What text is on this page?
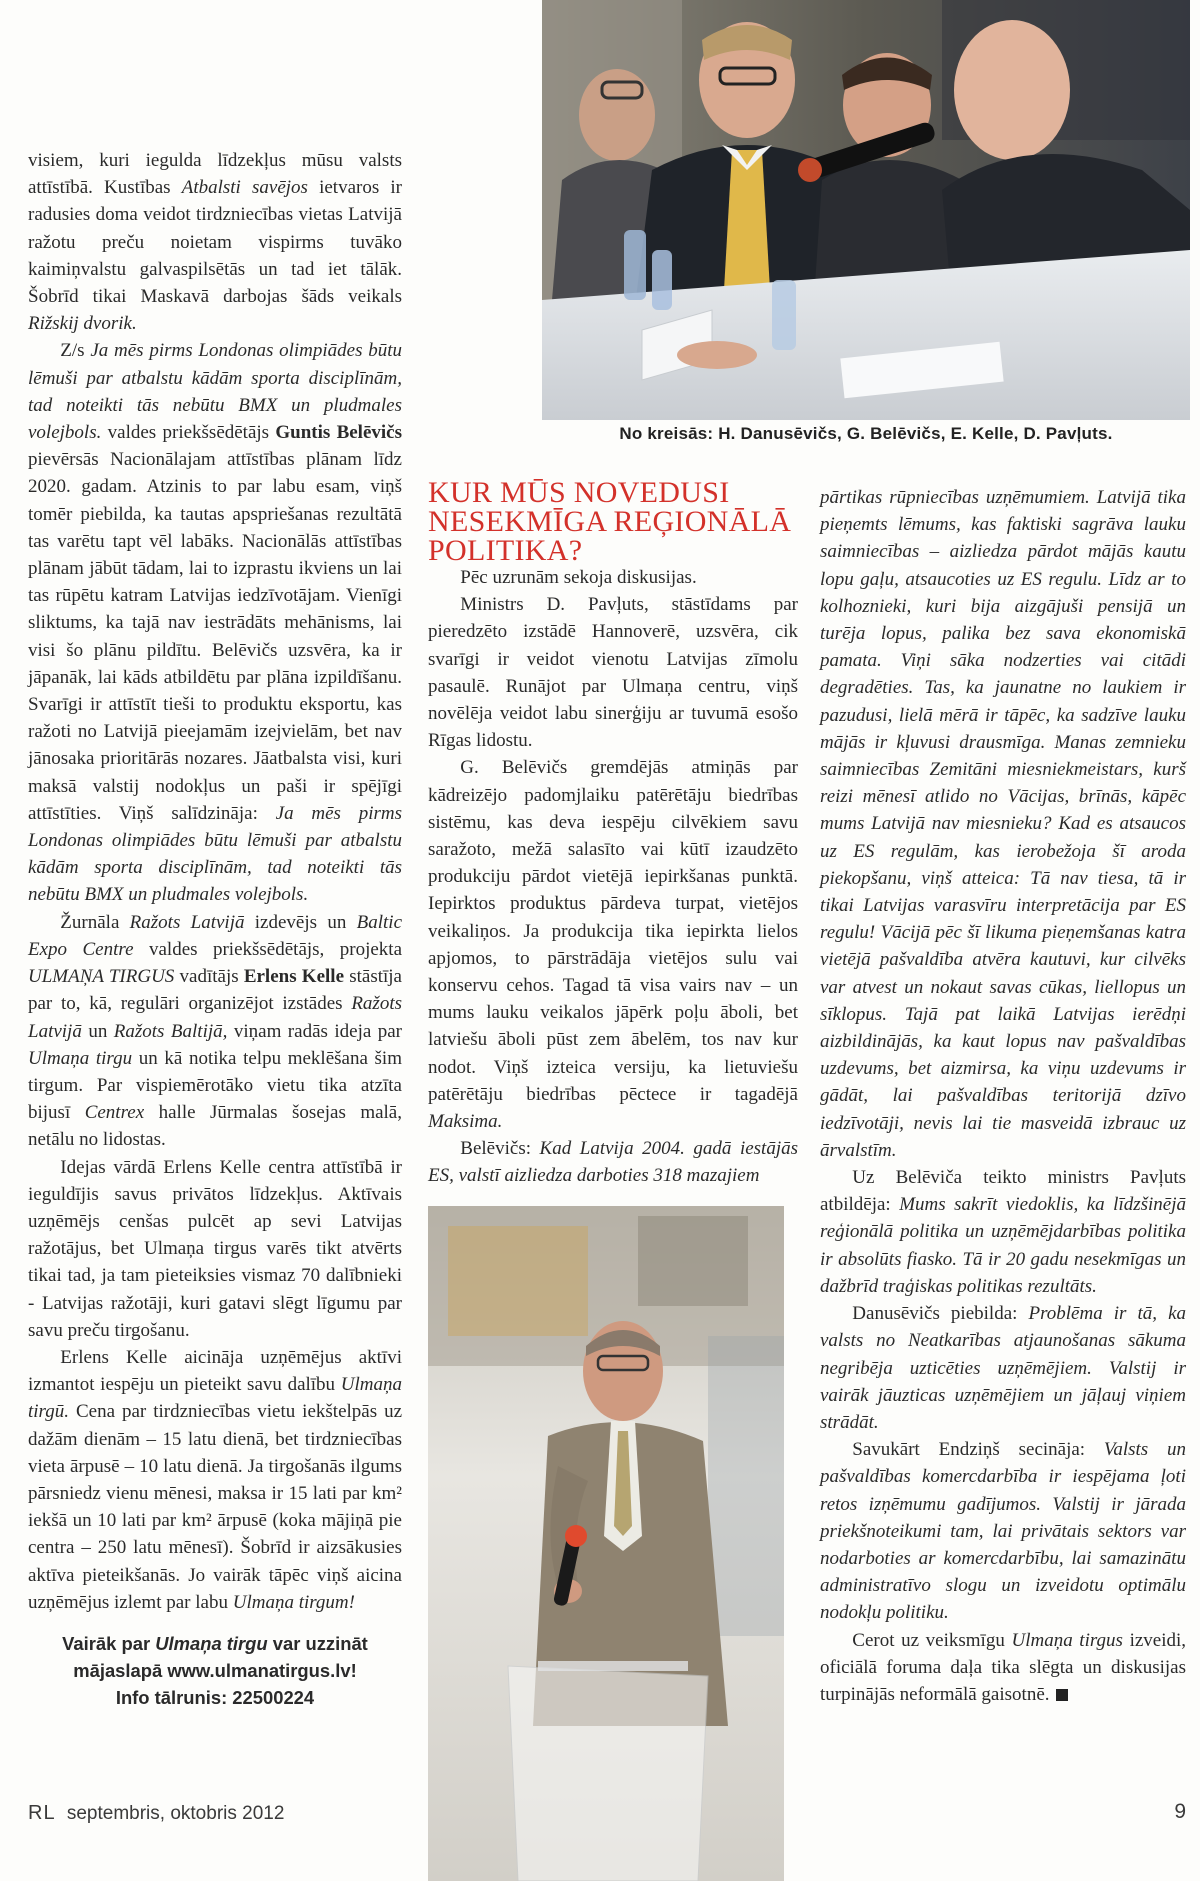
No kreisās: H. Danusēvičs, G. Belēvičs, E. Kelle, D. Pavļuts.

visiem, kuri iegulda līdzekļus mūsu valsts attīstībā. Kustības Atbalsti savējos ietvaros ir radusies doma veidot tirdzniecības vietas Latvijā ražotu preču noietam vispirms tuvāko kaimiņvalstu galvaspilsētās un tad iet tālāk. Šobrīd tikai Maskavā darbojas šāds veikals Rižskij dvorik.

Z/s Ja mēs pirms Londonas olimpiādes būtu lēmuši par atbalstu kādām sporta disciplīnām, tad noteikti tās nebūtu BMX un pludmales volejbols. valdes priekšsēdētājs Guntis Belēvičs pievērsās Nacionālajam attīstības plānam līdz 2020. gadam. Atzinis to par labu esam, viņš tomēr piebilda, ka tautas apspriešanas rezultātā tas varētu tapt vēl labāks. Nacionālās attīstības plānam jābūt tādam, lai to izprastu ikviens un lai tas rūpētu katram Latvijas iedzīvotājam. Vienīgi sliktums, ka tajā nav iestrādāts mehānisms, lai visi šo plānu pildītu. Belēvičs uzsvēra, ka ir jāpanāk, lai kāds atbildētu par plāna izpildīšanu. Svarīgi ir attīstīt tieši to produktu eksportu, kas ražoti no Latvijā pieejamām izejvielām, bet nav jānosaka prioritārās nozares. Jāatbalsta visi, kuri maksā valstij nodokļus un paši ir spējīgi attīstīties. Viņš salīdzināja: Ja mēs pirms Londonas olimpiādes būtu lēmuši par atbalstu kādām sporta disciplīnām, tad noteikti tās nebūtu BMX un pludmales volejbols.

Žurnāla Ražots Latvijā izdevējs un Baltic Expo Centre valdes priekšsēdētājs, projekta ULMAŅA TIRGUS vadītājs Erlens Kelle stāstīja par to, kā, regulāri organizējot izstādes Ražots Latvijā un Ražots Baltijā, viņam radās ideja par Ulmaņa tirgu un kā notika telpu meklēšana šim tirgum. Par vispiemērotāko vietu tika atzīta bijusī Centrex halle Jūrmalas šosejas malā, netālu no lidostas.

Idejas vārdā Erlens Kelle centra attīstībā ir ieguldījis savus privātos līdzekļus. Aktīvais uzņēmējs cenšas pulcēt ap sevi Latvijas ražotājus, bet Ulmaņa tirgus varēs tikt atvērts tikai tad, ja tam pieteiksies vismaz 70 dalībnieki - Latvijas ražotāji, kuri gatavi slēgt līgumu par savu preču tirgošanu.

Erlens Kelle aicināja uzņēmējus aktīvi izmantot iespēju un pieteikt savu dalību Ulmaņa tirgū. Cena par tirdzniecības vietu iekštelpās uz dažām dienām – 15 latu dienā, bet tirdzniecības vieta ārpusē – 10 latu dienā. Ja tirgošanās ilgums pārsniedz vienu mēnesi, maksa ir 15 lati par km² iekšā un 10 lati par km² ārpusē (koka mājiņā pie centra – 250 latu mēnesī). Šobrīd ir aizsākusies aktīva pieteikšanās. Jo vairāk tāpēc viņš aicina uzņēmējus izlemt par labu Ulmaņa tirgum!

Vairāk par Ulmaņa tirgu var uzzināt mājaslapā www.ulmanatirgus.lv!
Info tālrunis: 22500224
KUR MŪS NOVEDUSI NESEKMĪGA REĢIONĀLĀ POLITIKA?

Pēc uzrunām sekoja diskusijas.

Ministrs D. Pavļuts, stāstīdams par pieredzēto izstādē Hannoverē, uzsvēra, cik svarīgi ir veidot vienotu Latvijas zīmolu pasaulē. Runājot par Ulmaņa centru, viņš novēlēja veidot labu sinerģiju ar tuvumā esošo Rīgas lidostu.

G. Belēvičs gremdējās atmiņās par kādreizējo padomjlaiku patērētāju biedrības sistēmu, kas deva iespēju cilvēkiem savu saražoto, mežā salasīto vai kūtī izaudzēto produkciju pārdot vietējā iepirkšanas punktā. Iepirktos produktus pārdeva turpat, vietējos veikaliņos. Ja produkcija tika iepirkta lielos apjomos, to pārstrādāja vietējos sulu vai konservu cehos. Tagad tā visa vairs nav – un mums lauku veikalos jāpērk poļu āboli, bet latviešu āboli pūst zem ābelēm, tos nav kur nodot. Viņš izteica versiju, ka lietuviešu patērētāju biedrības pēctece ir tagadējā Maksima.

Belēvičs: Kad Latvija 2004. gadā iestājās ES, valstī aizliedza darboties 318 mazajiem

pārtikas rūpniecības uzņēmumiem. Latvijā tika pieņemts lēmums, kas faktiski sagrāva lauku saimniecības – aizliedza pārdot mājās kautu lopu gaļu, atsaucoties uz ES regulu. Līdz ar to kolhoznieki, kuri bija aizgājuši pensijā un turēja lopus, palika bez sava ekonomiskā pamata. Viņi sāka nodzerties vai citādi degradēties. Tas, ka jaunatne no laukiem ir pazudusi, lielā mērā ir tāpēc, ka sadzīve lauku mājās ir kļuvusi drausmīga. Manas zemnieku saimniecības Zemitāni miesniekmeistars, kurš reizi mēnesī atlido no Vācijas, brīnās, kāpēc mums Latvijā nav miesnieku? Kad es atsaucos uz ES regulām, kas ierobežoja šī aroda piekopšanu, viņš atteica: Tā nav tiesa, tā ir tikai Latvijas varasvīru interpretācija par ES regulu! Vācijā pēc šī likuma pieņemšanas katra vietējā pašvaldība atvēra kautuvi, kur cilvēks var atvest un nokaut savas cūkas, liellopus un sīklopus. Tajā pat laikā Latvijas ierēdņi aizbildinājās, ka kaut lopus nav pašvaldības uzdevums, bet aizmirsa, ka viņu uzdevums ir gādāt, lai pašvaldības teritorijā dzīvo iedzīvotāji, nevis lai tie masveidā izbrauc uz ārvalstīm.

Uz Belēviča teikto ministrs Pavļuts atbildēja: Mums sakrīt viedoklis, ka līdzšinējā reģionālā politika un uzņēmējdarbības politika ir absolūts fiasko. Tā ir 20 gadu nesekmīgas un dažbrīd traģiskas politikas rezultāts.

Danusēvičs piebilda: Problēma ir tā, ka valsts no Neatkarības atjaunošanas sākuma negribēja uzticēties uzņēmējiem. Valstij ir vairāk jāuzticas uzņēmējiem un jāļauj viņiem strādāt.

Savukārt Endziņš secināja: Valsts un pašvaldības komercdarbība ir iespējama ļoti retos izņēmumu gadījumos. Valstij ir jārada priekšnoteikumi tam, lai privātais sektors var nodarboties ar komercdarbību, lai samazinātu administratīvo slogu un izveidotu optimālu nodokļu politiku.

Cerot uz veiksmīgu Ulmaņa tirgus izveidi, oficiālā foruma daļa tika slēgta un diskusijas turpinājās neformālā gaisotnē.

RL septembris, oktobris 2012	9
